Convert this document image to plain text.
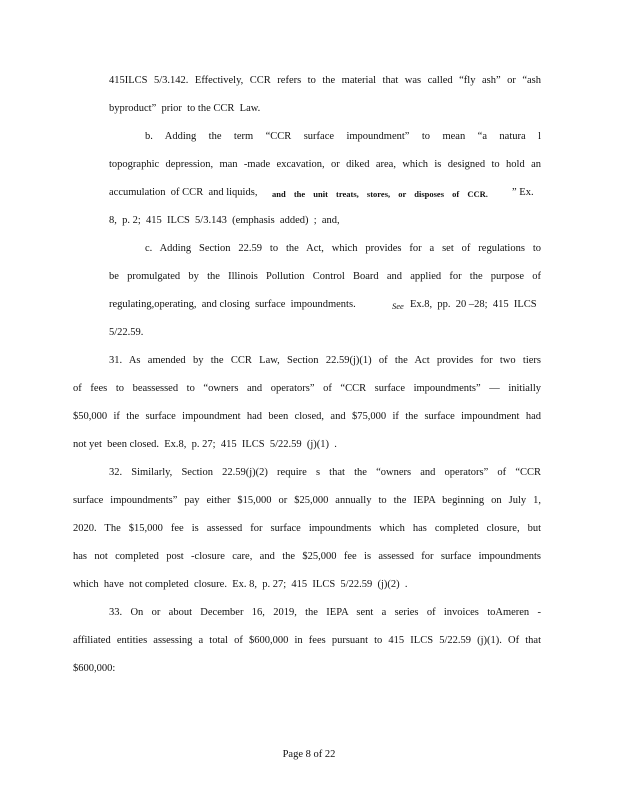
415ILCS 5/3.142. Effectively, CCR refers to the material that was called “fly ash” or “ash
byproduct”  prior  to the CCR  Law.
b. Adding the term “CCR surface impoundment” to mean “a natura l
topographic depression, man -made excavation, or diked area, which is designed to hold an
accumulation  of CCR  and liquids, and the unit treats, stores, or disposes of CCR. ” Ex.
8,  p. 2;  415  ILCS  5/3.143  (emphasis  added)  ;  and,
c. Adding Section 22.59 to the Act, which provides for a set of regulations to
be promulgated by the Illinois Pollution Control Board and applied for the purpose of
regulating,operating,  and closing  surface  impoundments.	See Ex.8,  pp.  20 –28;  415  ILCS
5/22.59.
31. As amended by the CCR Law, Section 22.59(j)(1) of the Act provides for two tiers
of fees to beassessed to “owners and operators” of “CCR surface impoundments” — initially
$50,000 if the surface impoundment had been closed, and $75,000 if the surface impoundment had
not yet  been closed.  Ex.8,  p. 27;  415  ILCS  5/22.59  (j)(1)  .
32. Similarly, Section 22.59(j)(2) require s that the “owners and operators” of “CCR
surface impoundments” pay either $15,000 or $25,000 annually to the IEPA beginning on July 1,
2020. The $15,000 fee is assessed for surface impoundments which has completed closure, but
has not completed post -closure care, and the $25,000 fee is assessed for surface impoundments
which  have  not completed  closure.  Ex. 8,  p. 27;  415  ILCS  5/22.59  (j)(2)  .
33. On or about December 16, 2019, the IEPA sent a series of invoices toAmeren -
affiliated entities assessing a total of $600,000 in fees pursuant to 415 ILCS 5/22.59 (j)(1). Of that
$600,000:
Page 8 of 22
